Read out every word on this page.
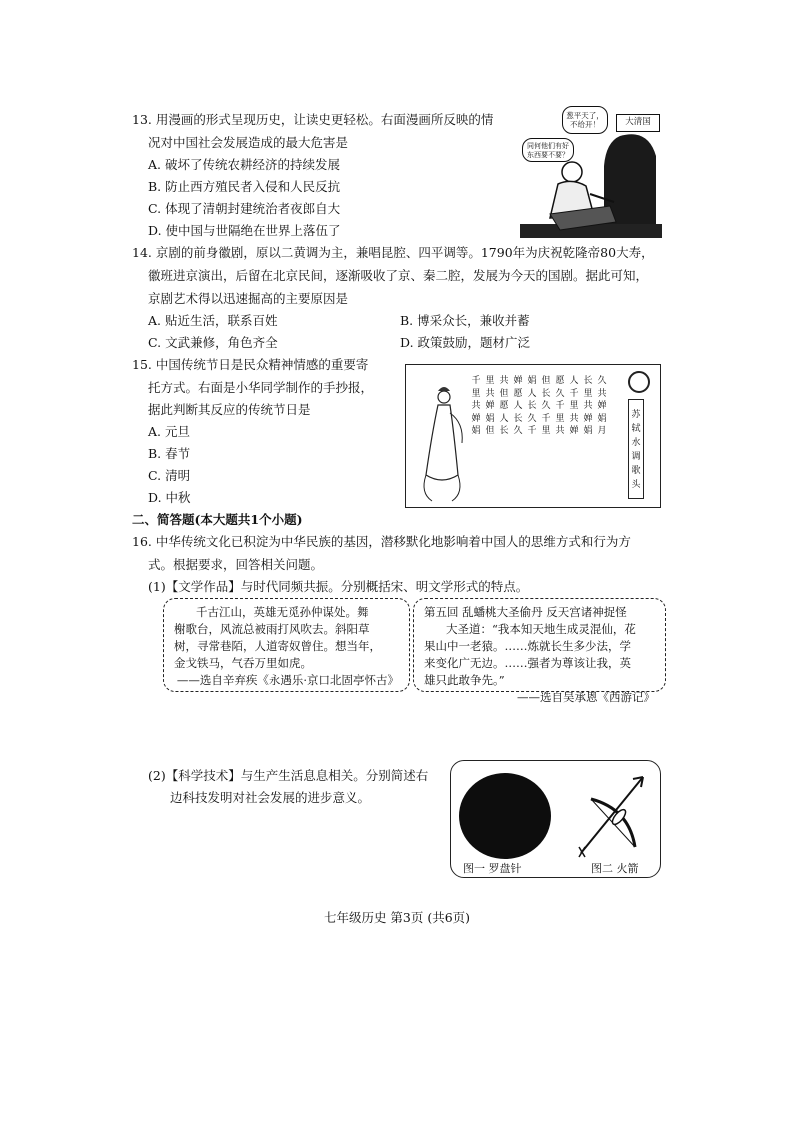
13. 用漫画的形式呈现历史，让读史更轻松。右面漫画所反映的情
况对中国社会发展造成的最大危害是
A. 破坏了传统农耕经济的持续发展
B. 防止西方殖民者入侵和人民反抗
C. 体现了清朝封建统治者夜郎自大
D. 使中国与世隔绝在世界上落伍了
葱平天了，不给开！
同何他们有好东西要不要？
大清国
14. 京剧的前身徽剧，原以二黄调为主，兼唱昆腔、四平调等。1790年为庆祝乾隆帝80大寿，
徽班进京演出，后留在北京民间，逐渐吸收了京、秦二腔，发展为今天的国剧。据此可知，
京剧艺术得以迅速掘高的主要原因是
A. 贴近生活，联系百姓	B. 博采众长，兼收并蓄
C. 文武兼修，角色齐全	D. 政策鼓励，题材广泛
15. 中国传统节日是民众精神情感的重要寄
托方式。右面是小华同学制作的手抄报，
据此判断其反应的传统节日是
A. 元旦
B. 春节
C. 清明
D. 中秋
千里共婵娟
里共婵娟但
共但愿人长
婵愿人长久
娟人长久千
但长久千里
愿久千里共
人千里共婵
长里共婵娟
久共婵娟月
苏轼水调歌头
二、简答题(本大题共1个小题)
16. 中华传统文化已积淀为中华民族的基因，潜移默化地影响着中国人的思维方式和行为方
式。根据要求，回答相关问题。
(1)【文学作品】与时代同频共振。分别概括宋、明文学形式的特点。

千古江山，英雄无觅孙仲谋处。舞

榭歌台，风流总被雨打风吹去。斜阳草

树，寻常巷陌，人道寄奴曾住。想当年，

金戈铁马，气吞万里如虎。

——选自辛弃疾《永遇乐·京口北固亭怀古》

第五回 乱蟠桃大圣偷丹 反天宫诸神捉怪

大圣道：“我本知天地生成灵混仙，花

果山中一老猿。……炼就长生多少法，学

来变化广无边。……强者为尊该让我，英

雄只此敢争先。”

——选自吴承恩《西游记》

(2)【科学技术】与生产生活息息相关。分别简述右
边科技发明对社会发展的进步意义。
图一 罗盘针	图二 火箭
七年级历史 第3页 (共6页)
